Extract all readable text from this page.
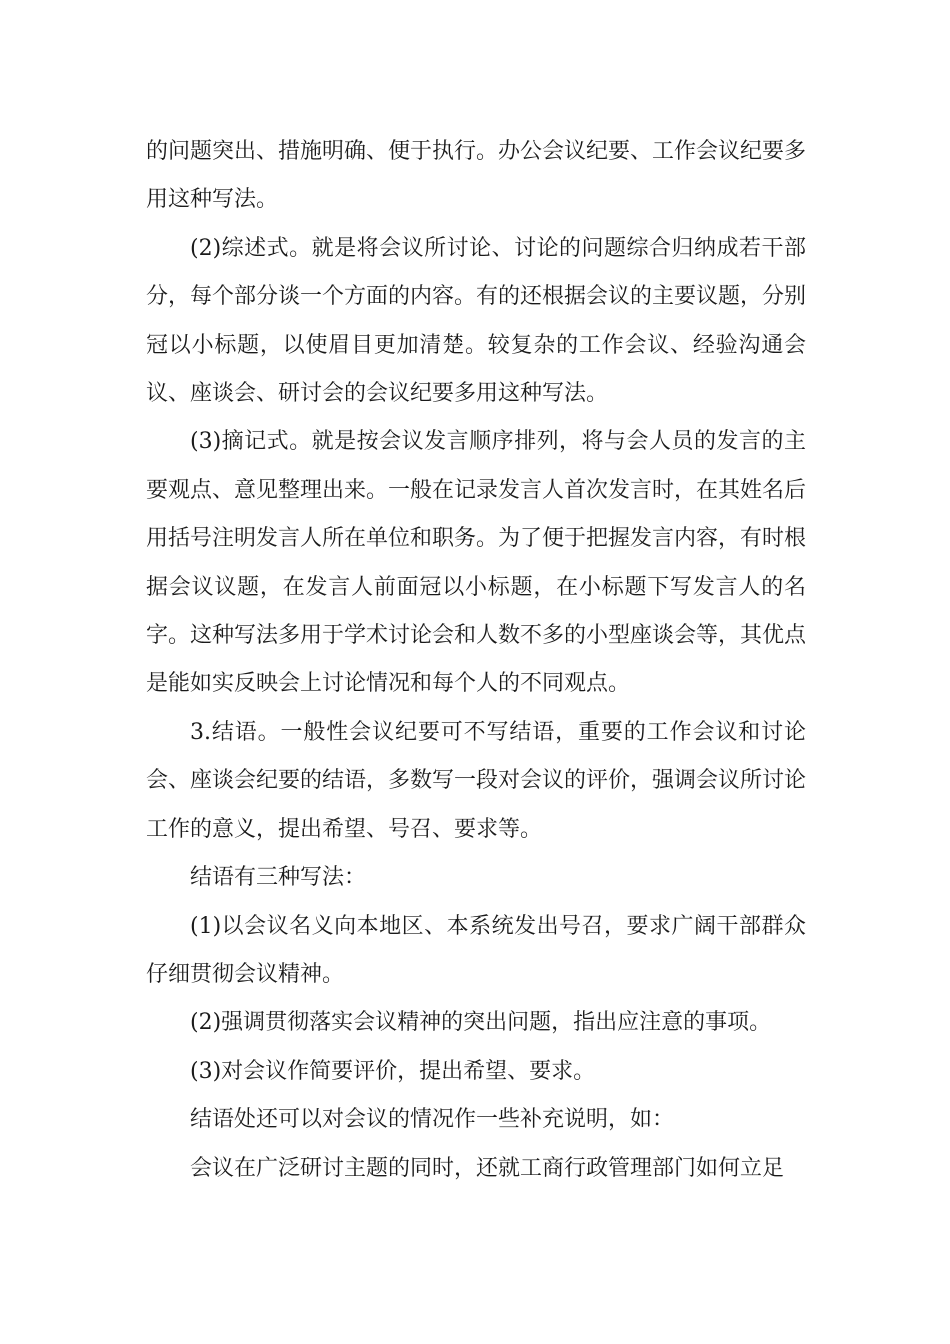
的问题突出、措施明确、便于执行。办公会议纪要、工作会议纪要多用这种写法。

(2)综述式。就是将会议所讨论、讨论的问题综合归纳成若干部分，每个部分谈一个方面的内容。有的还根据会议的主要议题，分别冠以小标题，以使眉目更加清楚。较复杂的工作会议、经验沟通会议、座谈会、研讨会的会议纪要多用这种写法。

(3)摘记式。就是按会议发言顺序排列，将与会人员的发言的主要观点、意见整理出来。一般在记录发言人首次发言时，在其姓名后用括号注明发言人所在单位和职务。为了便于把握发言内容，有时根据会议议题，在发言人前面冠以小标题，在小标题下写发言人的名字。这种写法多用于学术讨论会和人数不多的小型座谈会等，其优点是能如实反映会上讨论情况和每个人的不同观点。

3.结语。一般性会议纪要可不写结语，重要的工作会议和讨论会、座谈会纪要的结语，多数写一段对会议的评价，强调会议所讨论工作的意义，提出希望、号召、要求等。

结语有三种写法：

(1)以会议名义向本地区、本系统发出号召，要求广阔干部群众仔细贯彻会议精神。

(2)强调贯彻落实会议精神的突出问题，指出应注意的事项。

(3)对会议作简要评价，提出希望、要求。

结语处还可以对会议的情况作一些补充说明，如：

会议在广泛研讨主题的同时，还就工商行政管理部门如何立足
